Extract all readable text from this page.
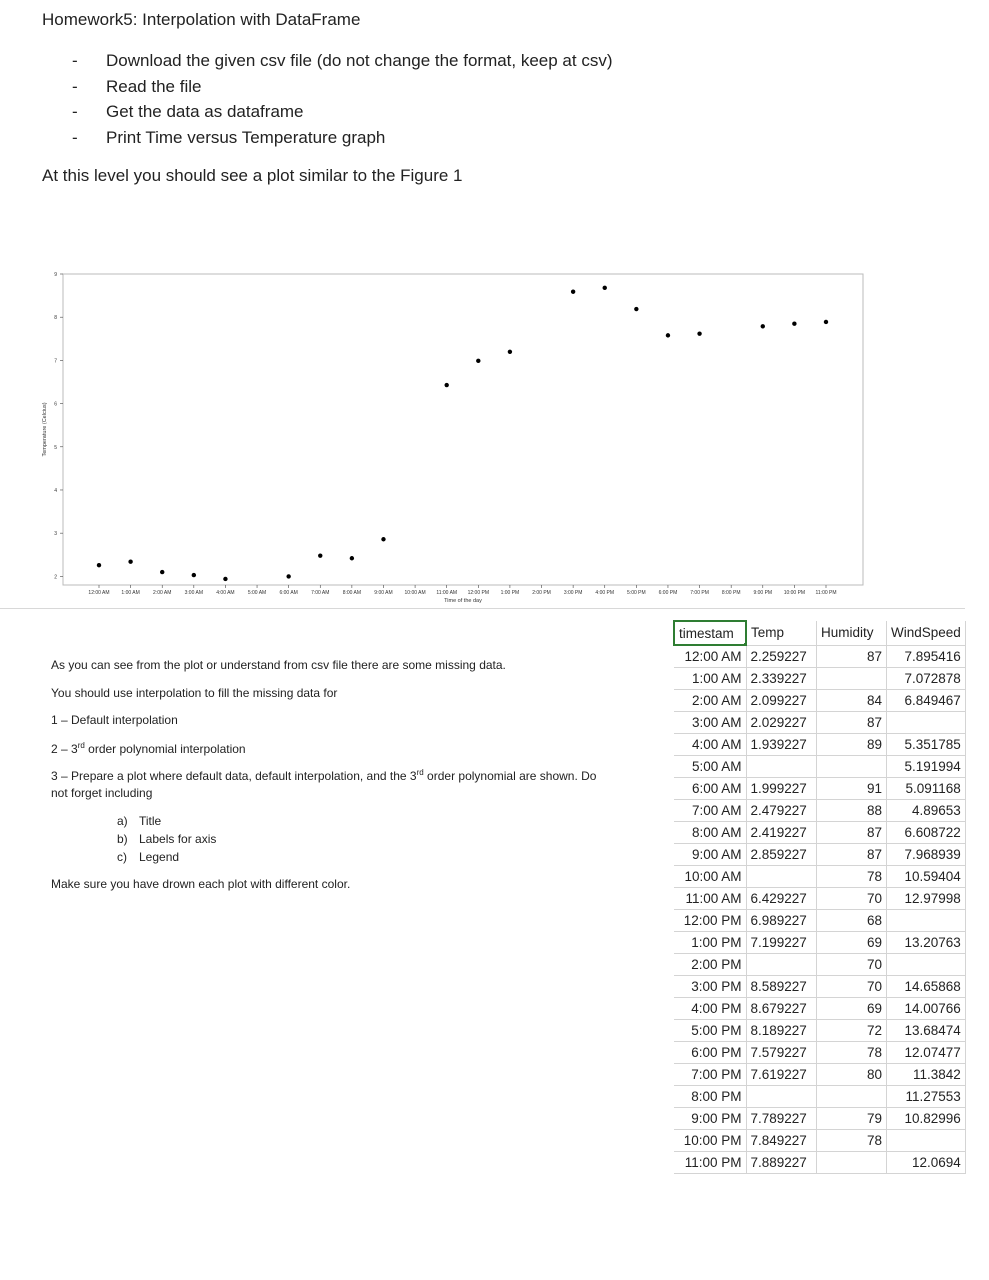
Homework5: Interpolation with DataFrame
- Download the given csv file (do not change the format, keep at csv)
- Read the file
- Get the data as dataframe
- Print Time versus Temperature graph
At this level you should see a plot similar to the Figure 1
2
3
4
5
6
7
8
9
12:00 AM 1:00 AM	2:00 AM	3:00 AM	4:00 AM	5:00 AM	6:00 AM	7:00 AM	8:00 AM	9:00 AM 10:00 AM 11:00 AM 12:00 PM 1:00 PM	2:00 PM	3:00 PM	4:00 PM	5:00 PM	6:00 PM	7:00 PM	8:00 PM	9:00 PM 10:00 PM 11:00 PM
Time of the day
Temperature (Celcius)
As you can see from the plot or understand from csv file there are some missing data.
You should use interpolation to fill the missing data for
1 – Default interpolation
2 – 3rd order polynomial interpolation
3 – Prepare a plot where default data, default interpolation, and the 3rd order polynomial are shown. Do
not forget including
a) Title
b) Labels for axis
c) Legend
Make sure you have drown each plot with different color.
timestam	Temp	Humidity	WindSpeed
12:00 AM	2.259227	87	7.895416
1:00 AM	2.339227		7.072878
2:00 AM	2.099227	84	6.849467
3:00 AM	2.029227	87	
4:00 AM	1.939227	89	5.351785
5:00 AM			5.191994
6:00 AM	1.999227	91	5.091168
7:00 AM	2.479227	88	4.89653
8:00 AM	2.419227	87	6.608722
9:00 AM	2.859227	87	7.968939
10:00 AM		78	10.59404
11:00 AM	6.429227	70	12.97998
12:00 PM	6.989227	68	
1:00 PM	7.199227	69	13.20763
2:00 PM		70	
3:00 PM	8.589227	70	14.65868
4:00 PM	8.679227	69	14.00766
5:00 PM	8.189227	72	13.68474
6:00 PM	7.579227	78	12.07477
7:00 PM	7.619227	80	11.3842
8:00 PM			11.27553
9:00 PM	7.789227	79	10.82996
10:00 PM	7.849227	78	
11:00 PM	7.889227		12.0694
